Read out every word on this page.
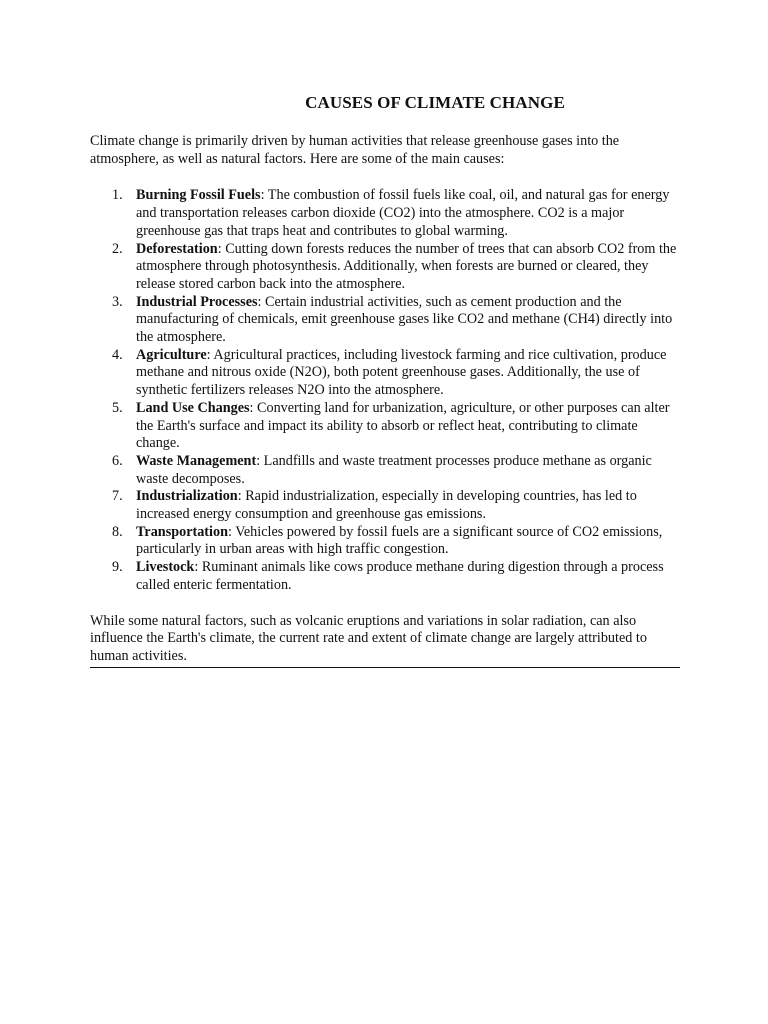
CAUSES OF CLIMATE CHANGE

Climate change is primarily driven by human activities that release greenhouse gases into the atmosphere, as well as natural factors. Here are some of the main causes:

1. Burning Fossil Fuels: The combustion of fossil fuels like coal, oil, and natural gas for energy and transportation releases carbon dioxide (CO2) into the atmosphere. CO2 is a major greenhouse gas that traps heat and contributes to global warming.
2. Deforestation: Cutting down forests reduces the number of trees that can absorb CO2 from the atmosphere through photosynthesis. Additionally, when forests are burned or cleared, they release stored carbon back into the atmosphere.
3. Industrial Processes: Certain industrial activities, such as cement production and the manufacturing of chemicals, emit greenhouse gases like CO2 and methane (CH4) directly into the atmosphere.
4. Agriculture: Agricultural practices, including livestock farming and rice cultivation, produce methane and nitrous oxide (N2O), both potent greenhouse gases. Additionally, the use of synthetic fertilizers releases N2O into the atmosphere.
5. Land Use Changes: Converting land for urbanization, agriculture, or other purposes can alter the Earth's surface and impact its ability to absorb or reflect heat, contributing to climate change.
6. Waste Management: Landfills and waste treatment processes produce methane as organic waste decomposes.
7. Industrialization: Rapid industrialization, especially in developing countries, has led to increased energy consumption and greenhouse gas emissions.
8. Transportation: Vehicles powered by fossil fuels are a significant source of CO2 emissions, particularly in urban areas with high traffic congestion.
9. Livestock: Ruminant animals like cows produce methane during digestion through a process called enteric fermentation.

While some natural factors, such as volcanic eruptions and variations in solar radiation, can also influence the Earth's climate, the current rate and extent of climate change are largely attributed to human activities.
